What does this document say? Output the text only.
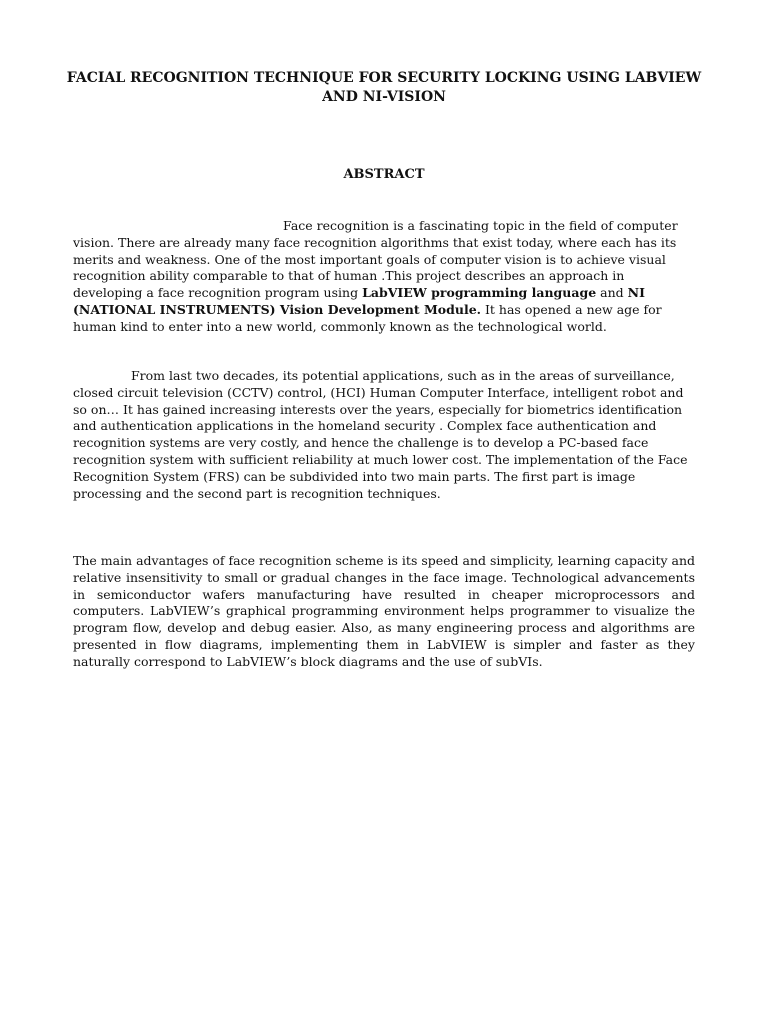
FACIAL RECOGNITION TECHNIQUE FOR SECURITY LOCKING USING LABVIEW AND NI-VISION
ABSTRACT

Face recognition is a fascinating topic in the field of computer vision. There are already many face recognition algorithms that exist today, where each has its merits and weakness. One of the most important goals of computer vision is to achieve visual recognition ability comparable to that of human .This project describes an approach in developing a face recognition program using LabVIEW programming language and NI (NATIONAL INSTRUMENTS) Vision Development Module. It has opened a new age for human kind to enter into a new world, commonly known as the technological world.

From last two decades, its potential applications, such as in the areas of surveillance, closed circuit television (CCTV) control, (HCI) Human Computer Interface, intelligent robot and so on… It has gained increasing interests over the years, especially for biometrics identification and authentication applications in the homeland security . Complex face authentication and recognition systems are very costly, and hence the challenge is to develop a PC-based face recognition system with sufficient reliability at much lower cost. The implementation of the Face Recognition System (FRS) can be subdivided into two main parts. The first part is image processing and the second part is recognition techniques.

The main advantages of face recognition scheme is its speed and simplicity, learning capacity and relative insensitivity to small or gradual changes in the face image. Technological advancements in semiconductor wafers manufacturing have resulted in cheaper microprocessors and computers. LabVIEW’s graphical programming environment helps programmer to visualize the program flow, develop and debug easier. Also, as many engineering process and algorithms are presented in flow diagrams, implementing them in LabVIEW is simpler and faster as they naturally correspond to LabVIEW’s block diagrams and the use of subVIs.
